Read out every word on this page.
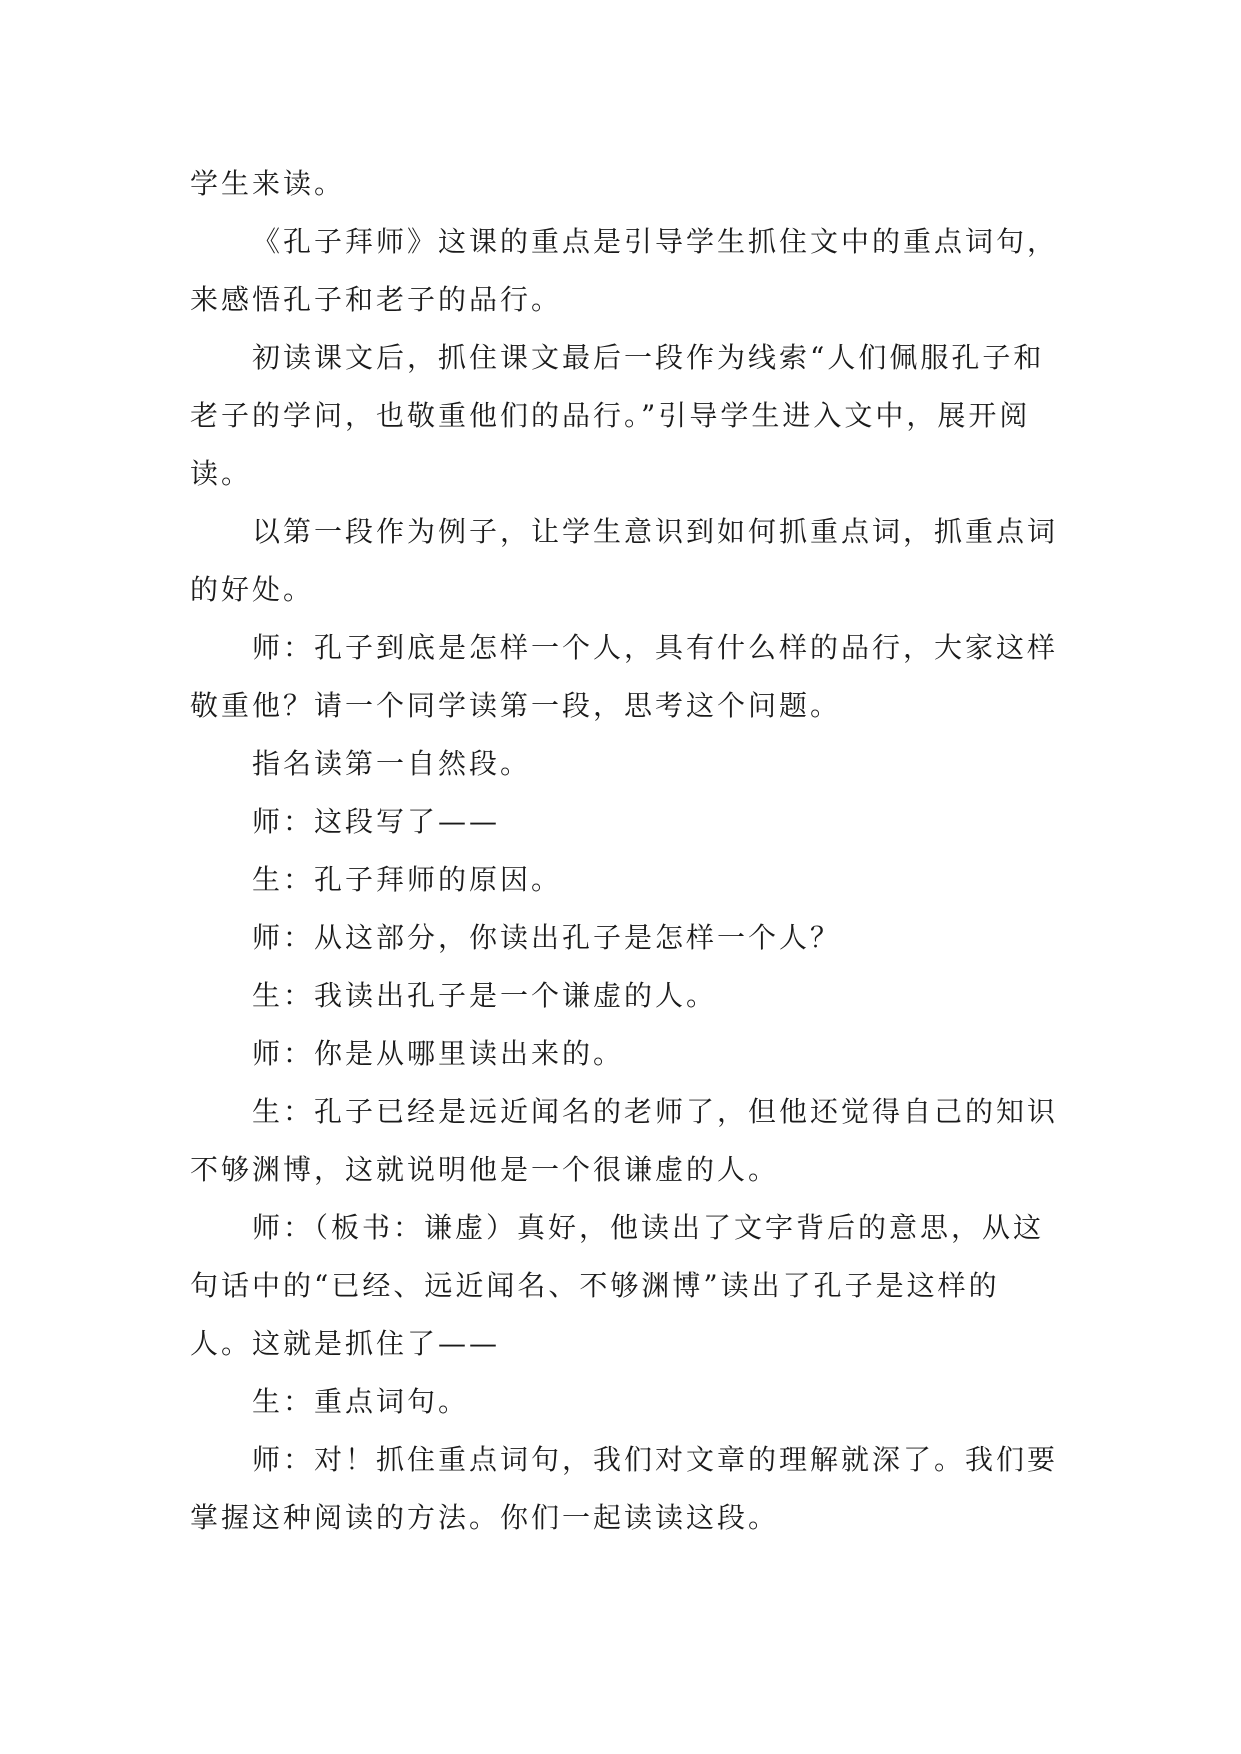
学生来读。

《孔子拜师》这课的重点是引导学生抓住文中的重点词句，来感悟孔子和老子的品行。

初读课文后，抓住课文最后一段作为线索“人们佩服孔子和老子的学问，也敬重他们的品行。”引导学生进入文中，展开阅读。

以第一段作为例子，让学生意识到如何抓重点词，抓重点词的好处。

师：孔子到底是怎样一个人，具有什么样的品行，大家这样敬重他？请一个同学读第一段，思考这个问题。

指名读第一自然段。

师：这段写了——

生：孔子拜师的原因。

师：从这部分，你读出孔子是怎样一个人？

生：我读出孔子是一个谦虚的人。

师：你是从哪里读出来的。

生：孔子已经是远近闻名的老师了，但他还觉得自己的知识不够渊博，这就说明他是一个很谦虚的人。

师：（板书：谦虚）真好，他读出了文字背后的意思，从这句话中的“已经、远近闻名、不够渊博”读出了孔子是这样的人。这就是抓住了——

生：重点词句。

师：对！抓住重点词句，我们对文章的理解就深了。我们要掌握这种阅读的方法。你们一起读读这段。
